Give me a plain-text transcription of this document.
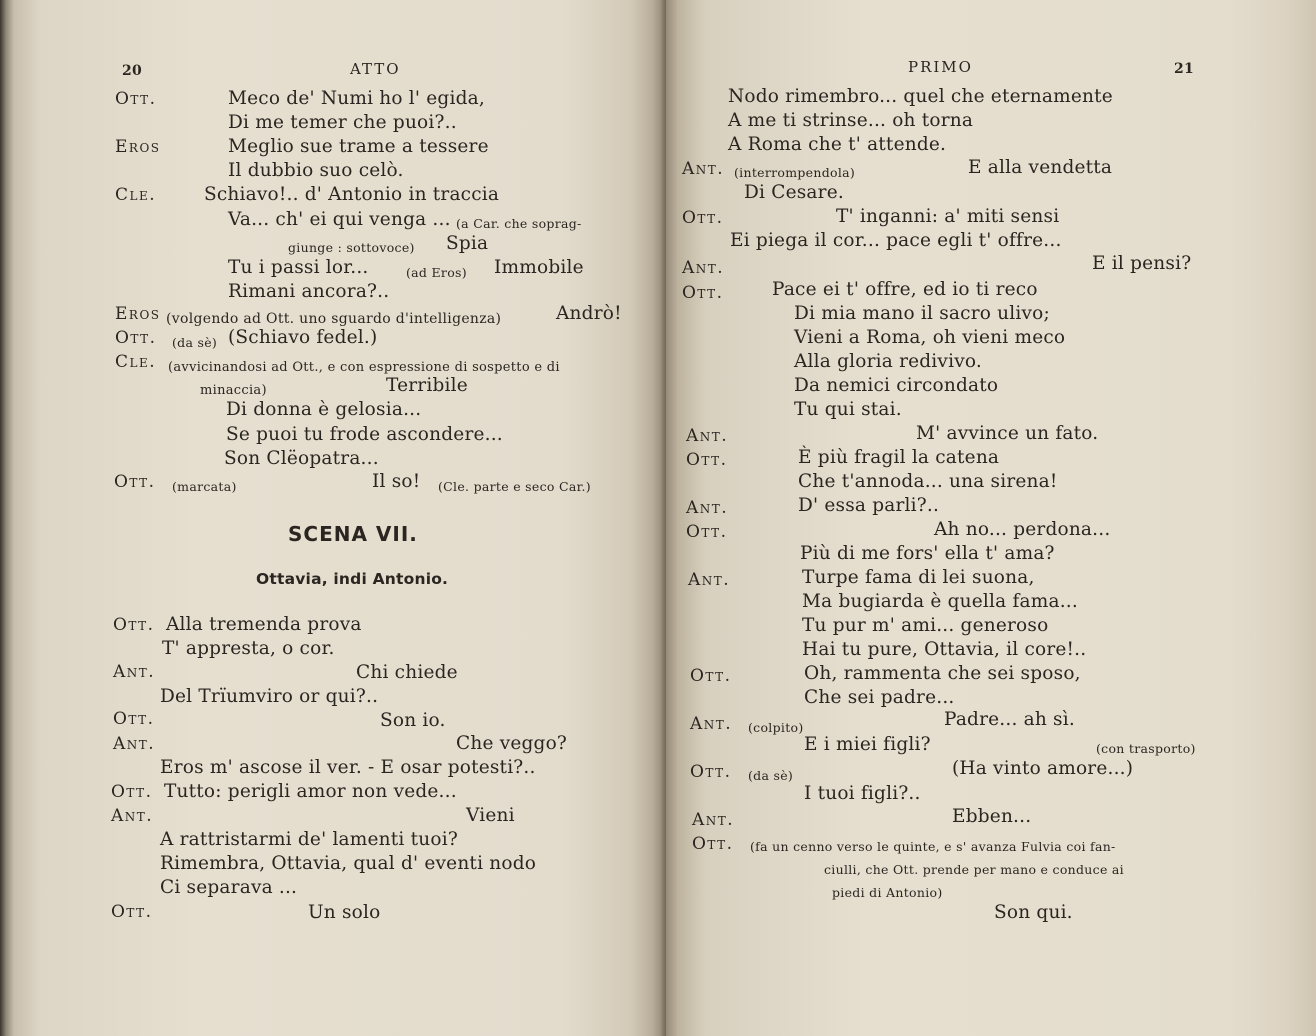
20	ATTO
Ott.	Meco de' Numi ho l' egida,
Di me temer che puoi?..
Eros	Meglio sue trame a tessere
Il dubbio suo celò.
Cle.	Schiavo!.. d' Antonio in traccia
Va... ch' ei qui venga ... (a Car. che soprag-
giunge : sottovoce) Spia
Tu i passi lor...	(ad Eros) Immobile
Rimani ancora?..
Eros (volgendo ad Ott. uno sguardo d'intelligenza)	Andrò!
Ott. (da sè) (Schiavo fedel.)
Cle. (avvicinandosi ad Ott., e con espressione di sospetto e di
minaccia)	Terribile
Di donna è gelosia...
Se puoi tu frode ascondere...
Son Clëopatra...
Ott. (marcata)	Il so! (Cle. parte e seco Car.)
SCENA VII.
Ottavia, indi Antonio.
Ott. Alla tremenda prova
T' appresta, o cor.
Ant.	Chi chiede
Del Trïumviro or qui?..
Ott.	Son io.
Ant.	Che veggo?
Eros m' ascose il ver. - E osar potesti?..
Ott. Tutto: perigli amor non vede...
Ant.	Vieni
A rattristarmi de' lamenti tuoi?
Rimembra, Ottavia, qual d' eventi nodo
Ci separava ...
Ott.	Un solo
PRIMO	21
Nodo rimembro... quel che eternamente
A me ti strinse... oh torna
A Roma che t' attende.
Ant. (interrompendola)	E alla vendetta
Di Cesare.
Ott.	T' inganni: a' miti sensi
Ei piega il cor... pace egli t' offre...
Ant.	E il pensi?
Ott.	Pace ei t' offre, ed io ti reco
Di mia mano il sacro ulivo;
Vieni a Roma, oh vieni meco
Alla gloria redivivo.
Da nemici circondato
Tu qui stai.
Ant.	M' avvince un fato.
Ott.	È più fragil la catena
Che t'annoda... una sirena!
Ant.	D' essa parli?..
Ott.	Ah no... perdona...
Più di me fors' ella t' ama?
Ant.	Turpe fama di lei suona,
Ma bugiarda è quella fama...
Tu pur m' ami... generoso
Hai tu pure, Ottavia, il core!..
Ott.	Oh, rammenta che sei sposo,
Che sei padre...
Ant. (colpito)	Padre... ah sì.
E i miei figli?	(con trasporto)
Ott. (da sè)	(Ha vinto amore...)
I tuoi figli?..
Ant.	Ebben...
Ott. (fa un cenno verso le quinte, e s' avanza Fulvia coi fan-
ciulli, che Ott. prende per mano e conduce ai
piedi di Antonio)
Son qui.
